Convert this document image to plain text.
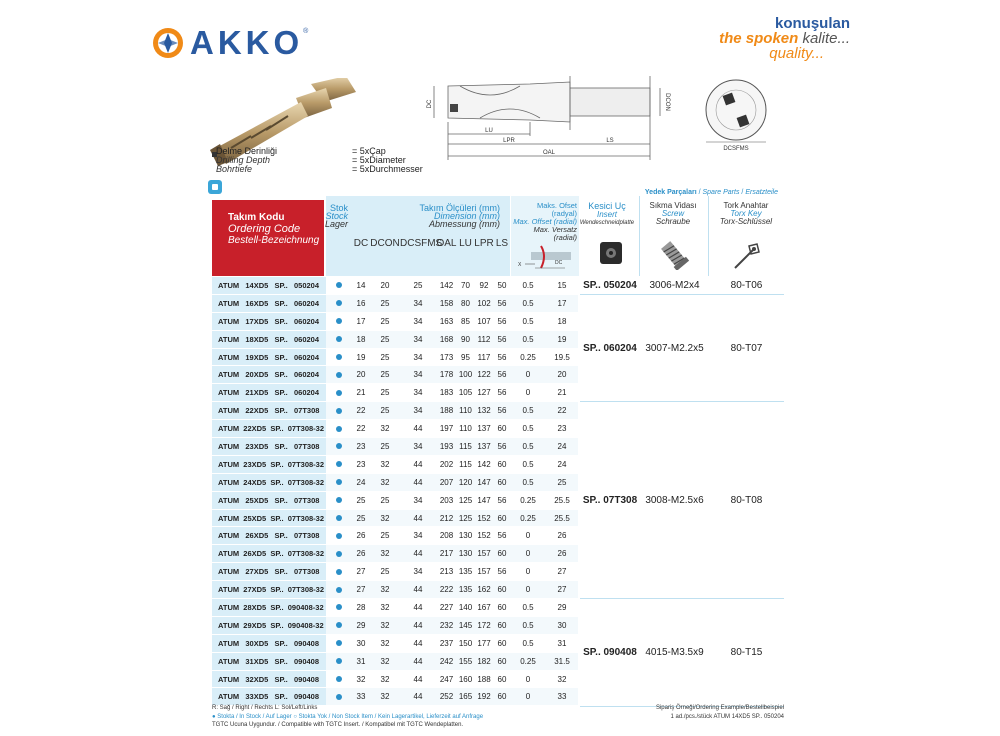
AKKO ®	konuşulan
the spoken kalite...
quality...
Delme Derinliği	= 5xÇap
Drilling Depth	= 5xDiameter
Bohrtiefe	= 5xDurchmesser
DC
LU
LPR	LS
OAL
DCON
DCSFMS
Takım Kodu
Ordering Code
Bestell-Bezeichnung
Yedek Parçaları / Spare Parts / Ersatzteile
Stok
Stock
Lager
Takım Ölçüleri (mm)
Dimension (mm)
Abmessung (mm)
Maks. Ofset (radyal)
Max. Offset (radial)
Max. Versatz (radial)
X	DC
Kesici Uç
Insert
Wendeschneidplatte
Sıkma Vidası
Screw
Schraube
Tork Anahtar
Torx Key
Torx-Schlüssel
DC DCON DCSFMS
OAL LU LPR LS
ATUM   14XD5   SP..   050204	14	20	25	142 70	92	50	0.5	15
ATUM   16XD5   SP..   060204	16	25	34	158 80 102 56	0.5	17
ATUM   17XD5   SP..   060204	17	25	34	163 85 107 56	0.5	18
ATUM   18XD5   SP..   060204	18	25	34	168 90 112 56	0.5	19
ATUM   19XD5   SP..   060204	19	25	34	173 95 117 56	0.25	19.5
ATUM   20XD5   SP..   060204	20	25	34	178 100 122 56	0	20
ATUM   21XD5   SP..   060204	21	25	34	183 105 127 56	0	21
ATUM   22XD5   SP..   07T308	22	25	34	188 110 132 56	0.5	22
ATUM  22XD5  SP..  07T308-32	22	32	44	197 110 137 60	0.5	23
ATUM   23XD5   SP..   07T308	23	25	34	193 115 137 56	0.5	24
ATUM  23XD5  SP..  07T308-32	23	32	44	202 115 142 60	0.5	24
ATUM  24XD5  SP..  07T308-32	24	32	44	207 120 147 60	0.5	25
ATUM   25XD5   SP..   07T308	25	25	34	203 125 147 56	0.25	25.5
ATUM  25XD5  SP..  07T308-32	25	32	44	212 125 152 60	0.25	25.5
ATUM   26XD5   SP..   07T308	26	25	34	208 130 152 56	0	26
ATUM  26XD5  SP..  07T308-32	26	32	44	217 130 157 60	0	26
ATUM   27XD5   SP..   07T308	27	25	34	213 135 157 56	0	27
ATUM  27XD5  SP..  07T308-32	27	32	44	222 135 162 60	0	27
ATUM  28XD5  SP..  090408-32	28	32	44	227 140 167 60	0.5	29
ATUM  29XD5  SP..  090408-32	29	32	44	232 145 172 60	0.5	30
ATUM   30XD5   SP..   090408	30	32	44	237 150 177 60	0.5	31
ATUM   31XD5   SP..   090408	31	32	44	242 155 182 60	0.25	31.5
ATUM   32XD5   SP..   090408	32	32	44	247 160 188 60	0	32
ATUM   33XD5   SP..   090408	33	32	44	252 165 192 60	0	33
SP.. 050204	3006-M2x4	80-T06
SP.. 060204 3007-M2.2x5	80-T07
SP.. 07T308 3008-M2.5x6	80-T08
SP.. 090408 4015-M3.5x9	80-T15
R: Sağ / Right / Rechts L: Sol/Left/Links
● Stokta / In Stock / Auf Lager ○ Stokta Yok / Non Stock Item / Kein Lagerartikel, Lieferzeit auf Anfrage
TGTC Ucuna Uygundur. / Compatible with TGTC Insert. / Kompatibel mit TGTC Wendeplatten.
Sipariş Örneği/Ordering Example/Bestellbeispiel
1 ad./pcs./stück ATUM 14XD5 SP.. 050204
